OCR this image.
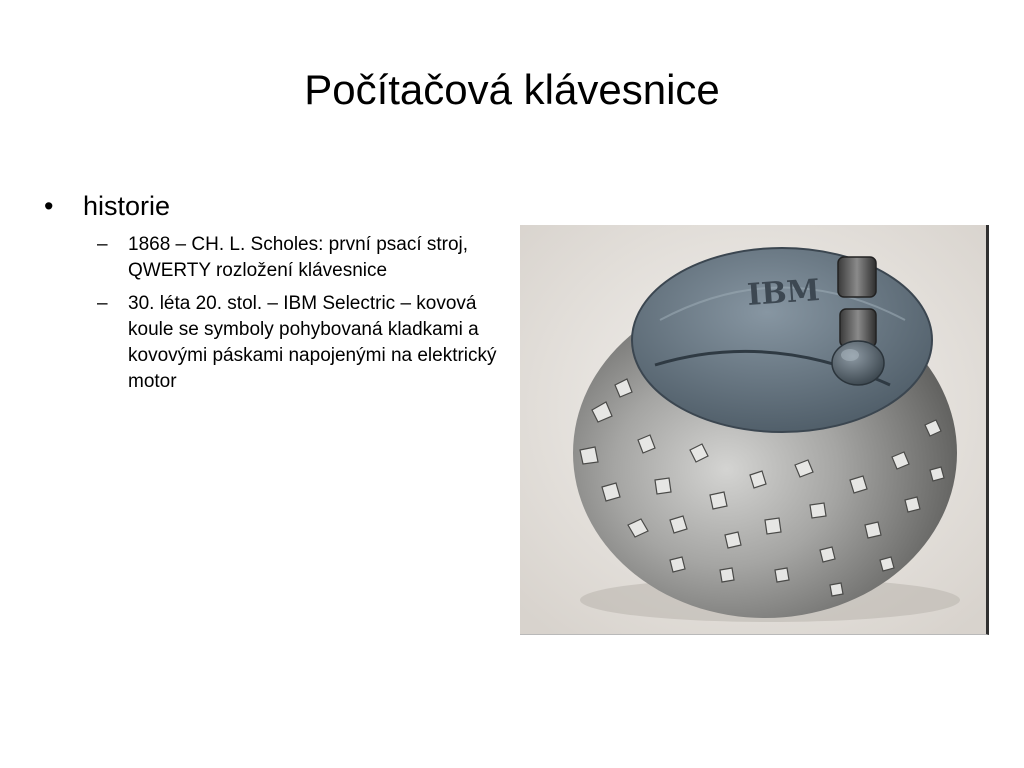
Počítačová klávesnice
•	historie
–	1868 – CH. L. Scholes: první psací stroj, QWERTY rozložení klávesnice
–	30. léta 20. stol. – IBM Selectric – kovová koule se symboly pohybovaná kladkami a kovovými páskami napojenými na elektrický motor
IBM
